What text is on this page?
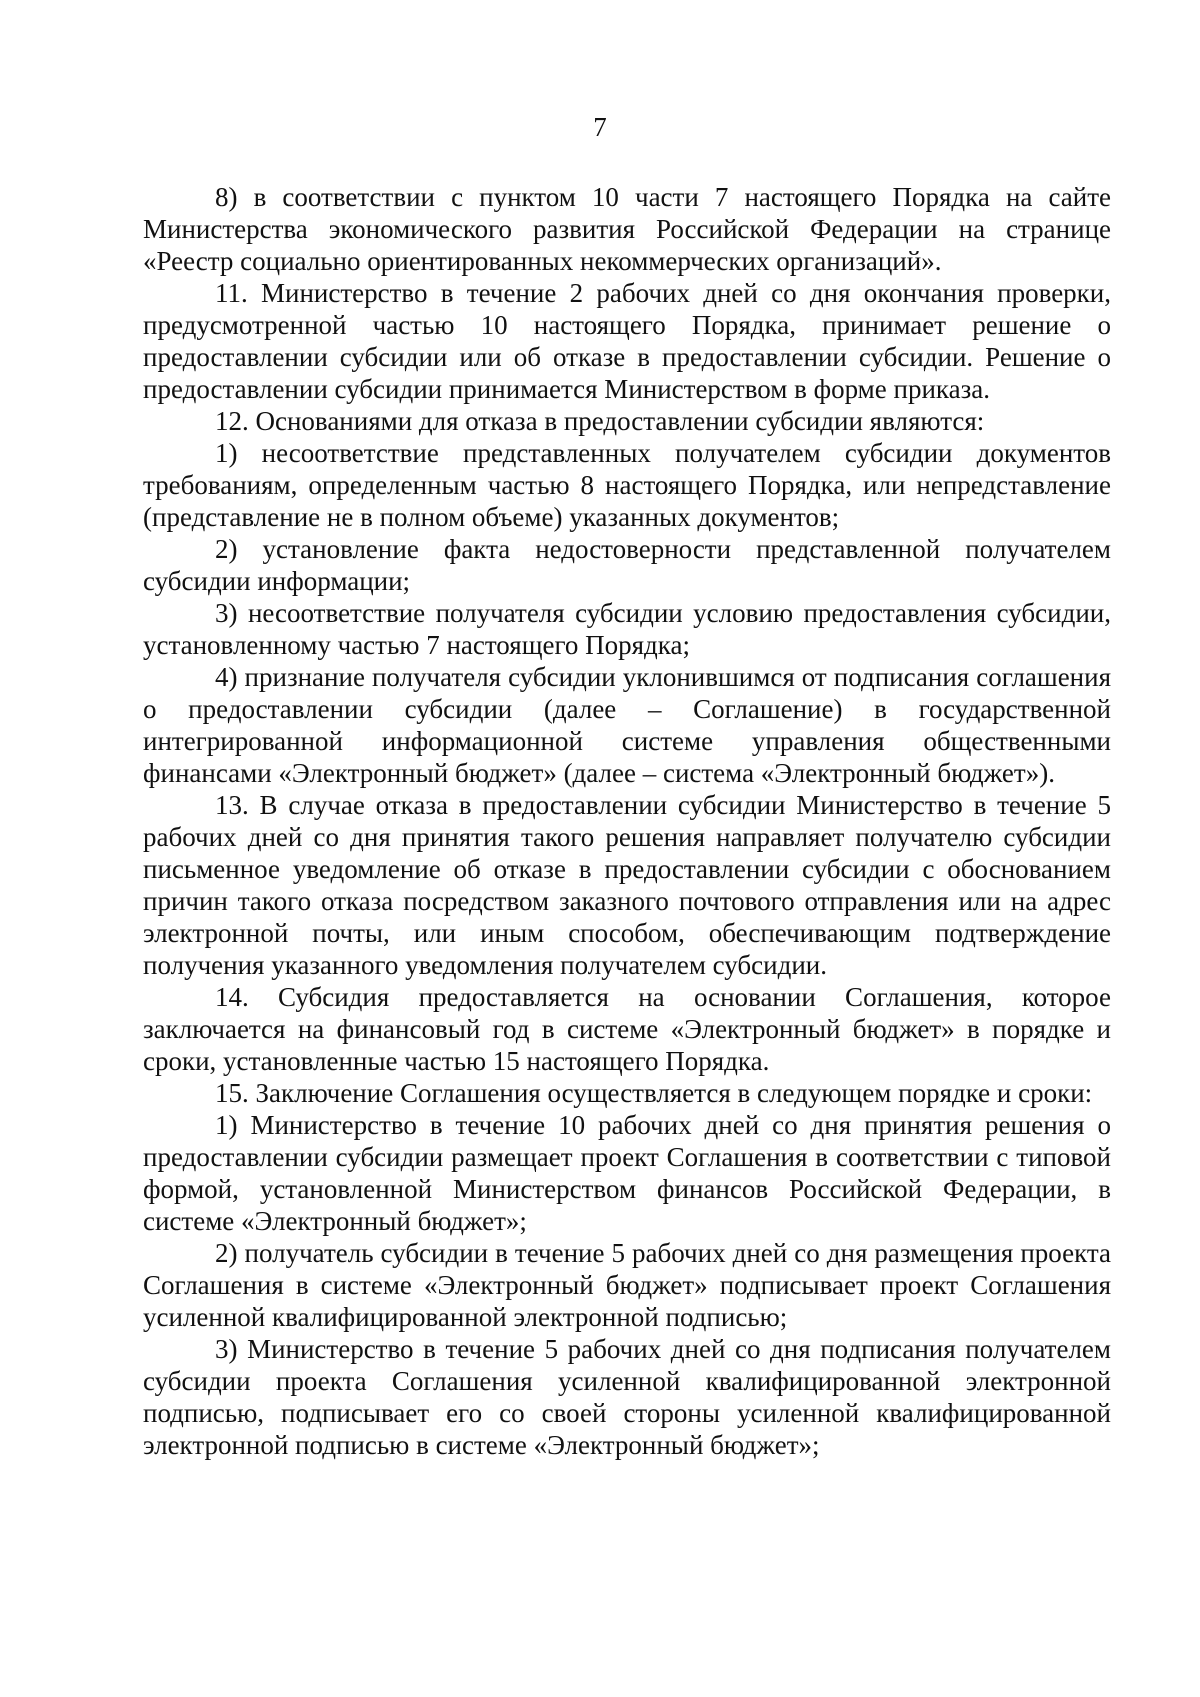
7

8) в соответствии с пунктом 10 части 7 настоящего Порядка на сайте Министерства экономического развития Российской Федерации на странице «Реестр социально ориентированных некоммерческих организаций».

11. Министерство в течение 2 рабочих дней со дня окончания проверки, предусмотренной частью 10 настоящего Порядка, принимает решение о предоставлении субсидии или об отказе в предоставлении субсидии. Решение о предоставлении субсидии принимается Министерством в форме приказа.

12. Основаниями для отказа в предоставлении субсидии являются:

1) несоответствие представленных получателем субсидии документов требованиям, определенным частью 8 настоящего Порядка, или непредставление (представление не в полном объеме) указанных документов;

2) установление факта недостоверности представленной получателем субсидии информации;

3) несоответствие получателя субсидии условию предоставления субсидии, установленному частью 7 настоящего Порядка;

4) признание получателя субсидии уклонившимся от подписания соглашения о предоставлении субсидии (далее – Соглашение) в государственной интегрированной информационной системе управления общественными финансами «Электронный бюджет» (далее – система «Электронный бюджет»).

13. В случае отказа в предоставлении субсидии Министерство в течение 5 рабочих дней со дня принятия такого решения направляет получателю субсидии письменное уведомление об отказе в предоставлении субсидии с обоснованием причин такого отказа посредством заказного почтового отправления или на адрес электронной почты, или иным способом, обеспечивающим подтверждение получения указанного уведомления получателем субсидии.

14. Субсидия предоставляется на основании Соглашения, которое заключается на финансовый год в системе «Электронный бюджет» в порядке и сроки, установленные частью 15 настоящего Порядка.

15. Заключение Соглашения осуществляется в следующем порядке и сроки:

1) Министерство в течение 10 рабочих дней со дня принятия решения о предоставлении субсидии размещает проект Соглашения в соответствии с типовой формой, установленной Министерством финансов Российской Федерации, в системе «Электронный бюджет»;

2) получатель субсидии в течение 5 рабочих дней со дня размещения проекта Соглашения в системе «Электронный бюджет» подписывает проект Соглашения усиленной квалифицированной электронной подписью;

3) Министерство в течение 5 рабочих дней со дня подписания получателем субсидии проекта Соглашения усиленной квалифицированной электронной подписью, подписывает его со своей стороны усиленной квалифицированной электронной подписью в системе «Электронный бюджет»;
